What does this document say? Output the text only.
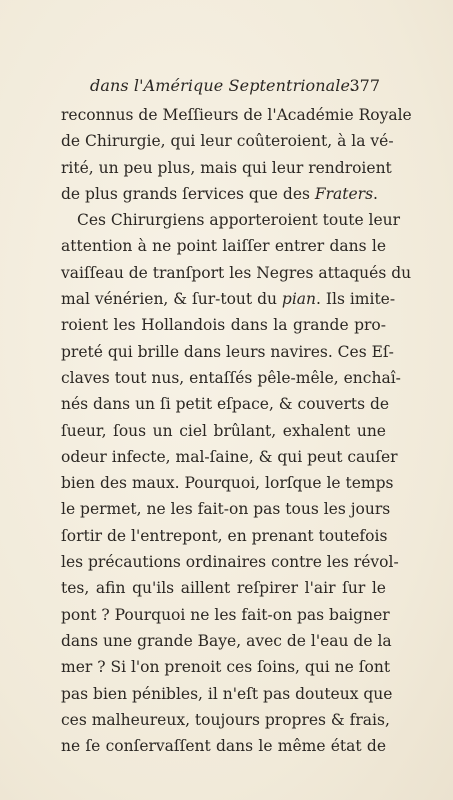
dans l'Amérique Septentrionale.
377
reconnus de Meſſieurs de l'Académie Royale
de Chirurgie, qui leur coûteroient, à la vé-
rité, un peu plus, mais qui leur rendroient
de plus grands ſervices que des Fraters.
Ces Chirurgiens apporteroient toute leur
attention à ne point laiſſer entrer dans le
vaiſſeau de tranſport les Negres attaqués du
mal vénérien, & ſur-tout du pian. Ils imite-
roient les Hollandois dans la grande pro-
preté qui brille dans leurs navires. Ces Eſ-
claves tout nus, entaſſés pêle-mêle, enchaî-
nés dans un ſi petit eſpace, & couverts de
ſueur, ſous un ciel brûlant, exhalent une
odeur infecte, mal-ſaine, & qui peut cauſer
bien des maux. Pourquoi, lorſque le temps
le permet, ne les fait-on pas tous les jours
ſortir de l'entrepont, en prenant toutefois
les précautions ordinaires contre les révol-
tes, afin qu'ils aillent reſpirer l'air ſur le
pont ? Pourquoi ne les fait-on pas baigner
dans une grande Baye, avec de l'eau de la
mer ? Si l'on prenoit ces ſoins, qui ne ſont
pas bien pénibles, il n'eſt pas douteux que
ces malheureux, toujours propres & frais,
ne ſe conſervaſſent dans le même état de
